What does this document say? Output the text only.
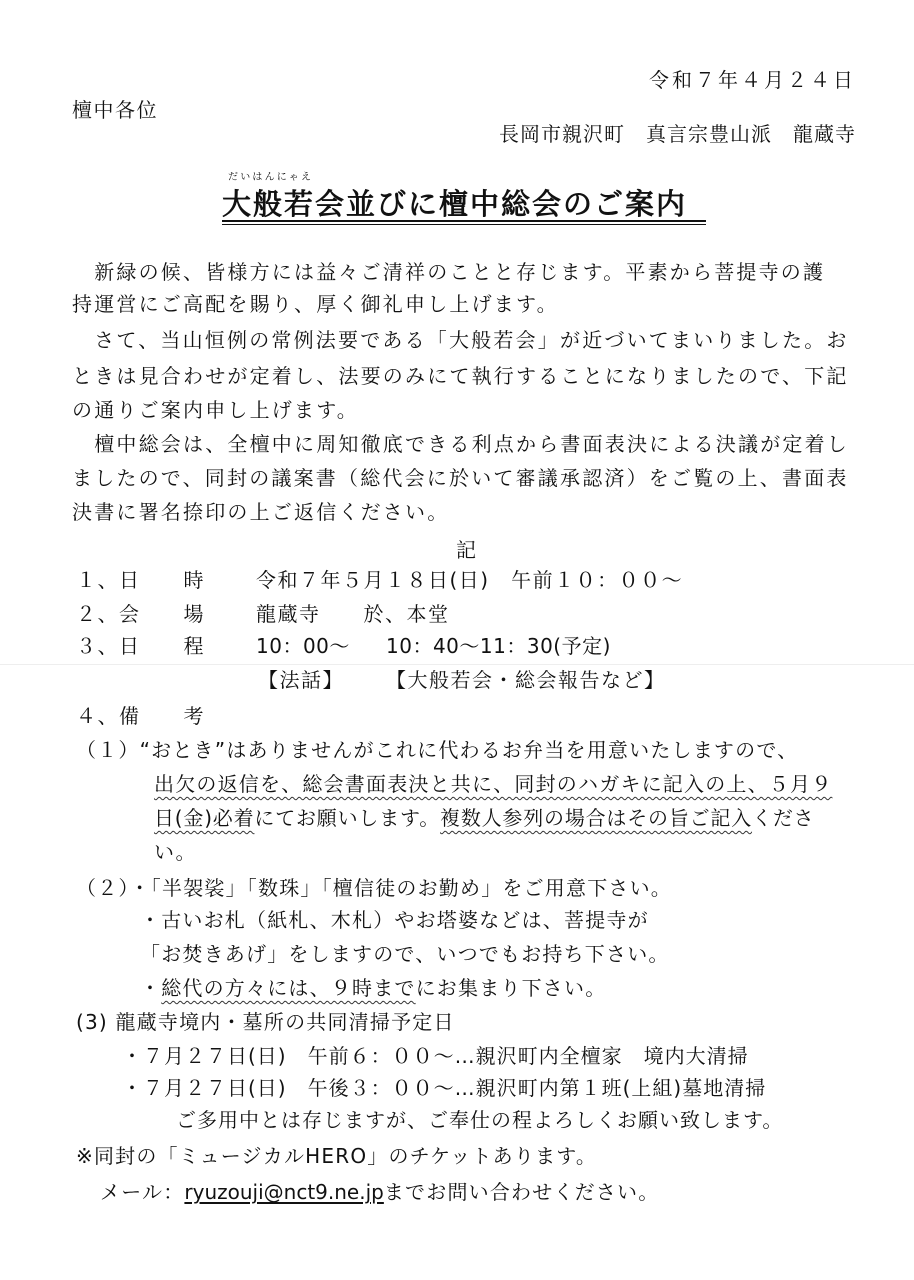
令和７年４月２４日
檀中各位
長岡市親沢町　真言宗豊山派　龍蔵寺
だいはんにゃえ
大般若会並びに檀中総会のご案内
　新緑の候、皆様方には益々ご清祥のことと存じます。平素から菩提寺の護
持運営にご高配を賜り、厚く御礼申し上げます。
　さて、当山恒例の常例法要である「大般若会」が近づいてまいりました。お
ときは見合わせが定着し、法要のみにて執行することになりましたので、下記
の通りご案内申し上げます。
　檀中総会は、全檀中に周知徹底できる利点から書面表決による決議が定着し
ましたので、同封の議案書（総代会に於いて審議承認済）をご覧の上、書面表
決書に署名捺印の上ご返信ください。
記
１、日　　時	令和７年５月１８日(日)　午前１０：００～
２、会　　場	龍蔵寺　　於、本堂
３、日　　程	10：00～ 10：40～11：30(予定)
【法話】 【大般若会・総会報告など】
４、備　　考
（１）“おとき”はありませんがこれに代わるお弁当を用意いたしますので、
出欠の返信を、総会書面表決と共に、同封のハガキに記入の上、５月９
日(金)必着にてお願いします。複数人参列の場合はその旨ご記入くださ
い。
（２）・「半袈裟」「数珠」「檀信徒のお勤め」をご用意下さい。
・古いお札（紙札、木札）やお塔婆などは、菩提寺が
「お焚きあげ」をしますので、いつでもお持ち下さい。
・総代の方々には、９時までにお集まり下さい。
(3) 龍蔵寺境内・墓所の共同清掃予定日
・７月２７日(日)　午前６：００～…親沢町内全檀家　境内大清掃
・７月２７日(日)　午後３：００～…親沢町内第１班(上組)墓地清掃
ご多用中とは存じますが、ご奉仕の程よろしくお願い致します。
※同封の「ミュージカルHERO」のチケットあります。
メール：ryuzouji@nct9.ne.jpまでお問い合わせください。
